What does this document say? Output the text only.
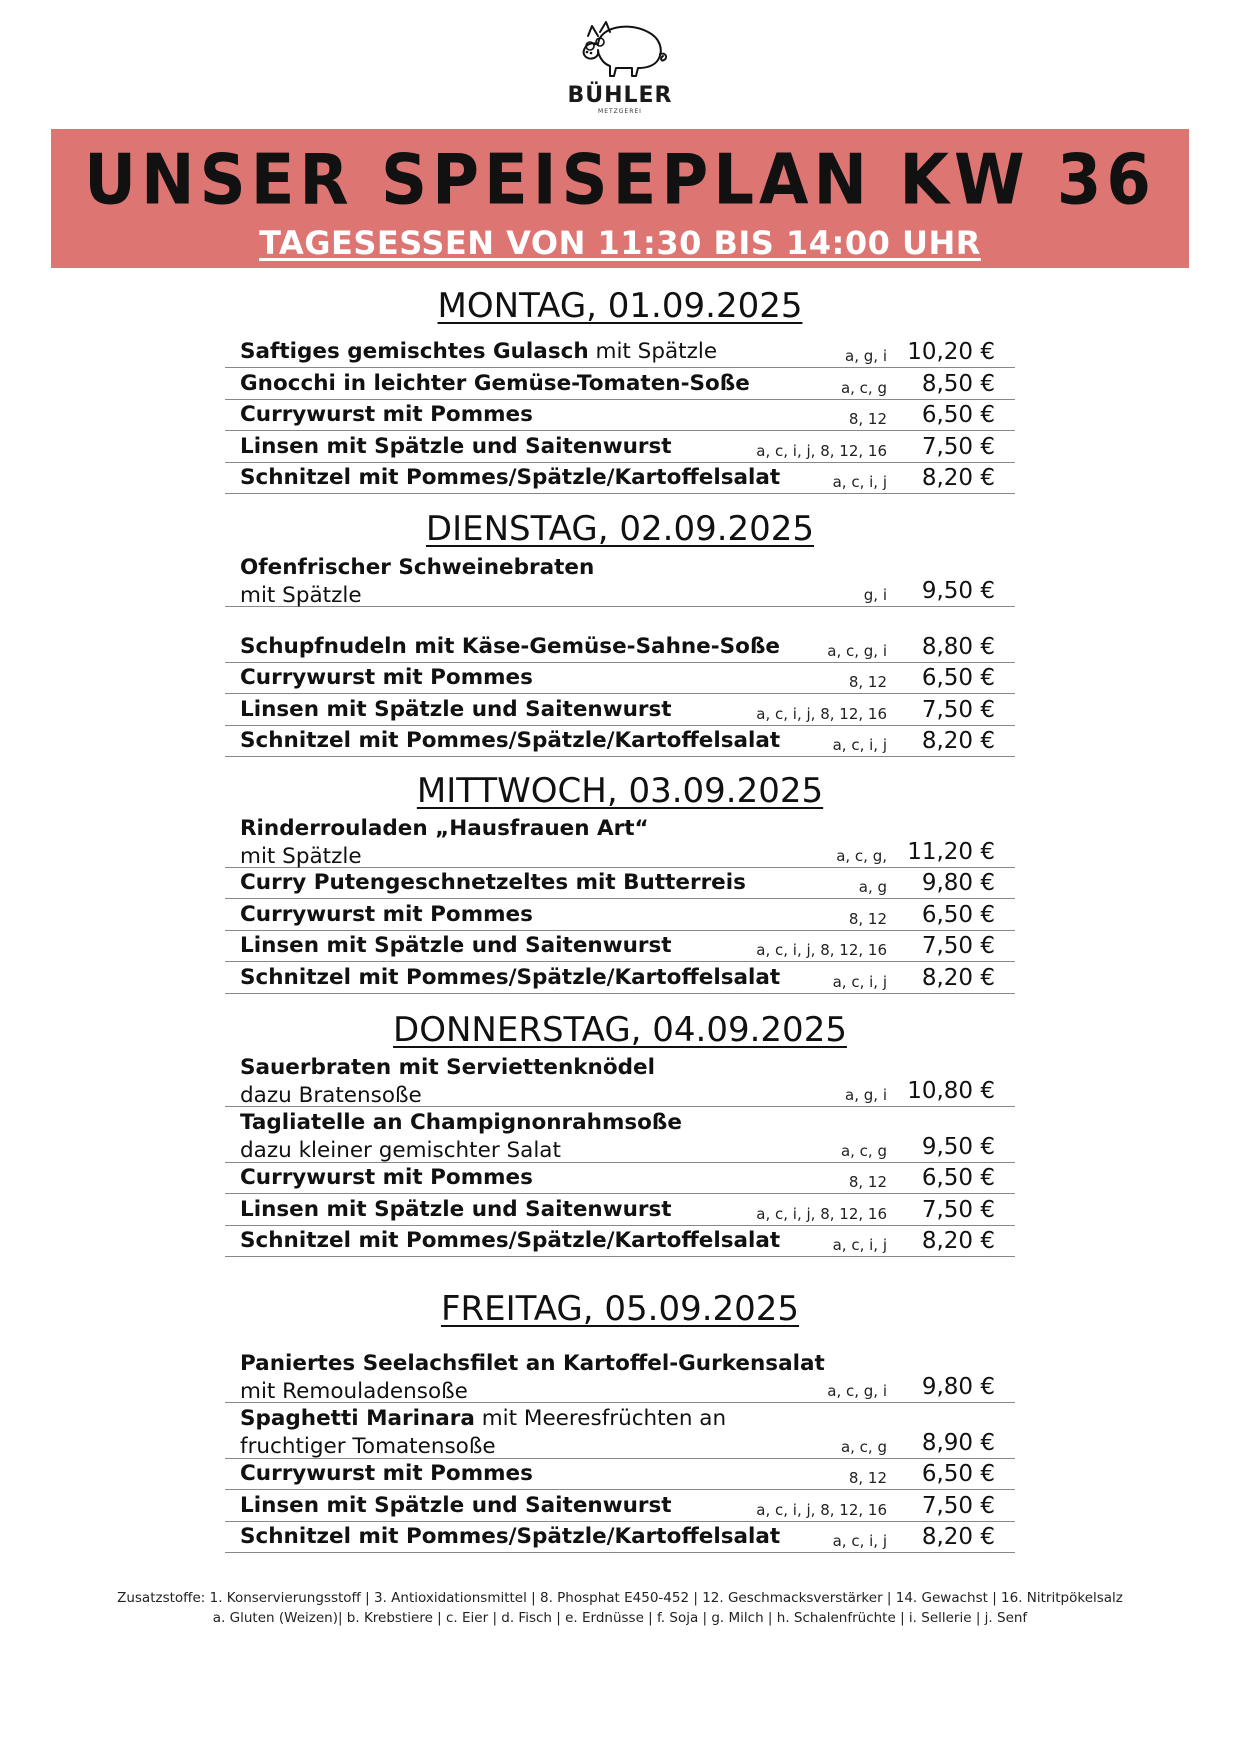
BÜHLER
METZGEREI
UNSER SPEISEPLAN KW 36
TAGESESSEN VON 11:30 BIS 14:00 UHR
MONTAG, 01.09.2025
Saftiges gemischtes Gulasch mit Spätzle	a, g, i 10,20 €
Gnocchi in leichter Gemüse-Tomaten-Soße	a, c, g 8,50 €
Currywurst mit Pommes	8, 12 6,50 €
Linsen mit Spätzle und Saitenwurst	a, c, i, j, 8, 12, 16 7,50 €
Schnitzel mit Pommes/Spätzle/Kartoffelsalat	a, c, i, j 8,20 €
DIENSTAG, 02.09.2025
Ofenfrischer Schweinebraten
mit Spätzle	g, i 9,50 €
Schupfnudeln mit Käse-Gemüse-Sahne-Soße	a, c, g, i 8,80 €
Currywurst mit Pommes	8, 12 6,50 €
Linsen mit Spätzle und Saitenwurst	a, c, i, j, 8, 12, 16 7,50 €
Schnitzel mit Pommes/Spätzle/Kartoffelsalat	a, c, i, j 8,20 €
MITTWOCH, 03.09.2025
Rinderrouladen „Hausfrauen Art“
mit Spätzle	a, c, g, 11,20 €
Curry Putengeschnetzeltes mit Butterreis	a, g 9,80 €
Currywurst mit Pommes	8, 12 6,50 €
Linsen mit Spätzle und Saitenwurst	a, c, i, j, 8, 12, 16 7,50 €
Schnitzel mit Pommes/Spätzle/Kartoffelsalat	a, c, i, j 8,20 €
DONNERSTAG, 04.09.2025
Sauerbraten mit Serviettenknödel
dazu Bratensoße	a, g, i 10,80 €
Tagliatelle an Champignonrahmsoße
dazu kleiner gemischter Salat	a, c, g 9,50 €
Currywurst mit Pommes	8, 12 6,50 €
Linsen mit Spätzle und Saitenwurst	a, c, i, j, 8, 12, 16 7,50 €
Schnitzel mit Pommes/Spätzle/Kartoffelsalat	a, c, i, j 8,20 €
FREITAG, 05.09.2025
Paniertes Seelachsfilet an Kartoffel-Gurkensalat
mit Remouladensoße	a, c, g, i 9,80 €
Spaghetti Marinara mit Meeresfrüchten an
fruchtiger Tomatensoße	a, c, g 8,90 €
Currywurst mit Pommes	8, 12 6,50 €
Linsen mit Spätzle und Saitenwurst	a, c, i, j, 8, 12, 16 7,50 €
Schnitzel mit Pommes/Spätzle/Kartoffelsalat	a, c, i, j 8,20 €
Zusatzstoffe: 1. Konservierungsstoff | 3. Antioxidationsmittel | 8. Phosphat E450-452 | 12. Geschmacksverstärker | 14. Gewachst | 16. Nitritpökelsalz
a. Gluten (Weizen)| b. Krebstiere | c. Eier | d. Fisch | e. Erdnüsse | f. Soja | g. Milch | h. Schalenfrüchte | i. Sellerie | j. Senf
